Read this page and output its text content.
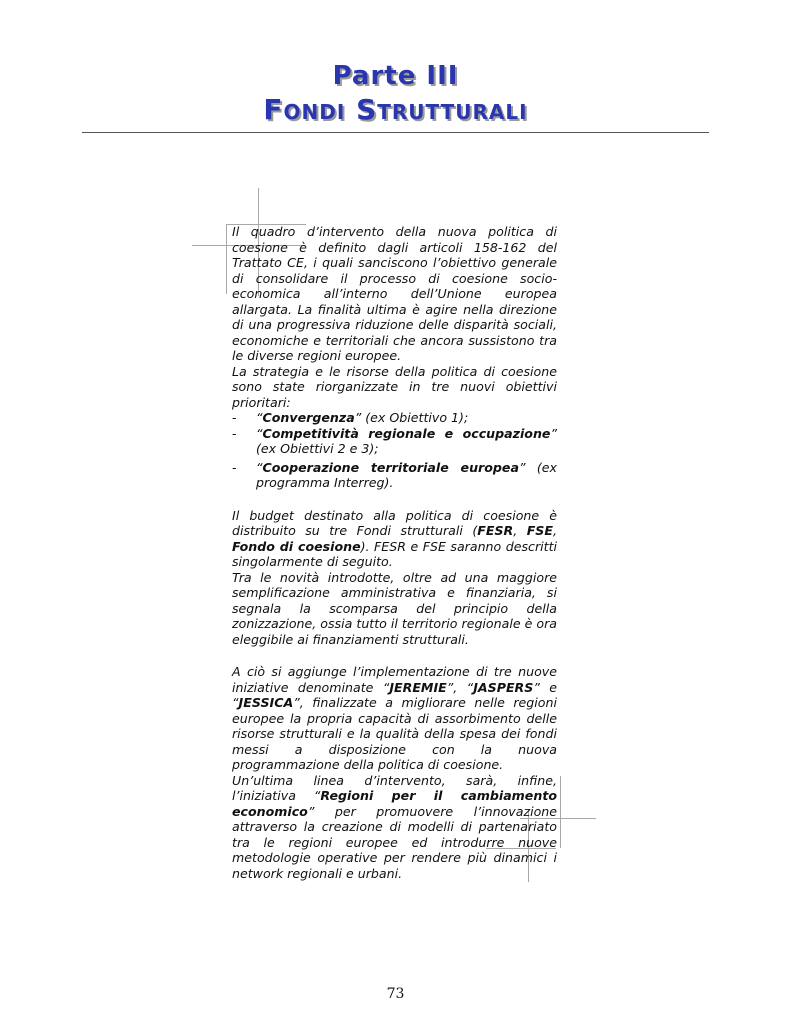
Parte III
Fondi Strutturali

Il quadro d’intervento della nuova politica di coesione è definito dagli articoli 158-162 del Trattato CE, i quali sanciscono l’obiettivo generale di consolidare il processo di coesione socio-economica all’interno dell’Unione europea allargata. La finalità ultima è agire nella direzione di una progressiva riduzione delle disparità sociali, economiche e territoriali che ancora sussistono tra le diverse regioni europee.

La strategia e le risorse della politica di coesione sono state riorganizzate in tre nuovi obiettivi prioritari:

- “Convergenza” (ex Obiettivo 1);
- “Competitività regionale e occupazione” (ex Obiettivi 2 e 3);
- “Cooperazione territoriale europea” (ex programma Interreg).

Il budget destinato alla politica di coesione è distribuito su tre Fondi strutturali (FESR, FSE, Fondo di coesione). FESR e FSE saranno descritti singolarmente di seguito.

Tra le novità introdotte, oltre ad una maggiore semplificazione amministrativa e finanziaria, si segnala la scomparsa del principio della zonizzazione, ossia tutto il territorio regionale è ora eleggibile ai finanziamenti strutturali.

A ciò si aggiunge l’implementazione di tre nuove iniziative denominate “JEREMIE”, “JASPERS” e “JESSICA”, finalizzate a migliorare nelle regioni europee la propria capacità di assorbimento delle risorse strutturali e la qualità della spesa dei fondi messi a disposizione con la nuova programmazione della politica di coesione.

Un’ultima linea d’intervento, sarà, infine, l’iniziativa “Regioni per il cambiamento economico” per promuovere l’innovazione attraverso la creazione di modelli di partenariato tra le regioni europee ed introdurre nuove metodologie operative per rendere più dinamici i network regionali e urbani.

73
